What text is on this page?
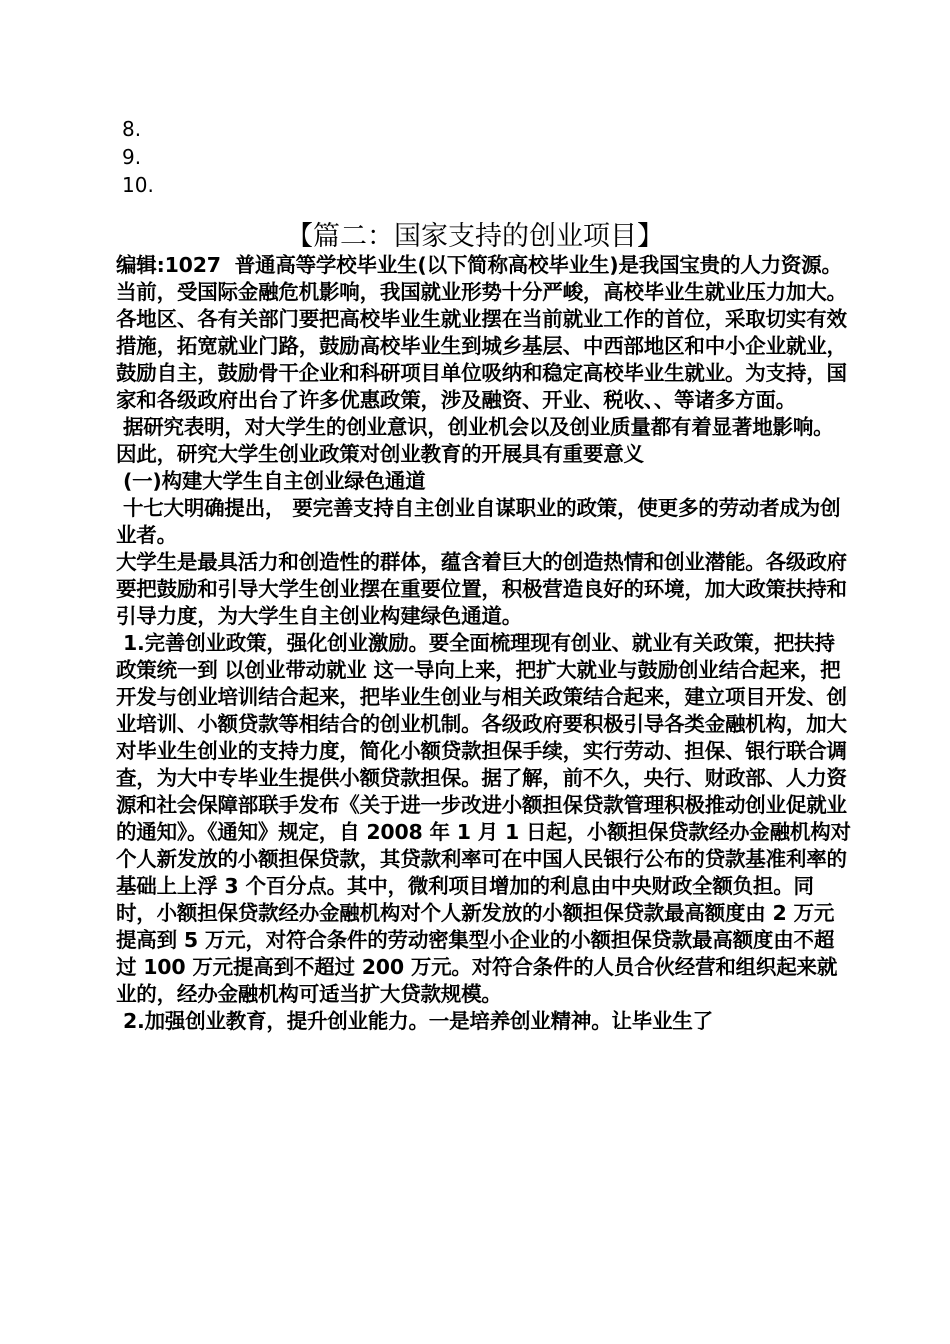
8.
9.
10.
【篇二：国家支持的创业项目】

编辑:1027  普通高等学校毕业生(以下简称高校毕业生)是我国宝贵的人力资源。当前，受国际金融危机影响，我国就业形势十分严峻，高校毕业生就业压力加大。各地区、各有关部门要把高校毕业生就业摆在当前就业工作的首位，采取切实有效措施，拓宽就业门路，鼓励高校毕业生到城乡基层、中西部地区和中小企业就业，鼓励自主，鼓励骨干企业和科研项目单位吸纳和稳定高校毕业生就业。为支持，国家和各级政府出台了许多优惠政策，涉及融资、开业、税收、、等诸多方面。

据研究表明，对大学生的创业意识，创业机会以及创业质量都有着显著地影响。因此，研究大学生创业政策对创业教育的开展具有重要意义

(一)构建大学生自主创业绿色通道

十七大明确提出， 要完善支持自主创业自谋职业的政策，使更多的劳动者成为创业者。

大学生是最具活力和创造性的群体，蕴含着巨大的创造热情和创业潜能。各级政府要把鼓励和引导大学生创业摆在重要位置，积极营造良好的环境，加大政策扶持和引导力度，为大学生自主创业构建绿色通道。

1.完善创业政策，强化创业激励。要全面梳理现有创业、就业有关政策，把扶持政策统一到 以创业带动就业 这一导向上来，把扩大就业与鼓励创业结合起来，把开发与创业培训结合起来，把毕业生创业与相关政策结合起来，建立项目开发、创业培训、小额贷款等相结合的创业机制。各级政府要积极引导各类金融机构，加大对毕业生创业的支持力度，简化小额贷款担保手续，实行劳动、担保、银行联合调查，为大中专毕业生提供小额贷款担保。据了解，前不久，央行、财政部、人力资源和社会保障部联手发布《关于进一步改进小额担保贷款管理积极推动创业促就业的通知》。《通知》规定，自 2008 年 1 月 1 日起，小额担保贷款经办金融机构对个人新发放的小额担保贷款，其贷款利率可在中国人民银行公布的贷款基准利率的基础上上浮 3 个百分点。其中，微利项目增加的利息由中央财政全额负担。同时，小额担保贷款经办金融机构对个人新发放的小额担保贷款最高额度由 2 万元提高到 5 万元，对符合条件的劳动密集型小企业的小额担保贷款最高额度由不超过 100 万元提高到不超过 200 万元。对符合条件的人员合伙经营和组织起来就业的，经办金融机构可适当扩大贷款规模。

2.加强创业教育，提升创业能力。一是培养创业精神。让毕业生了
